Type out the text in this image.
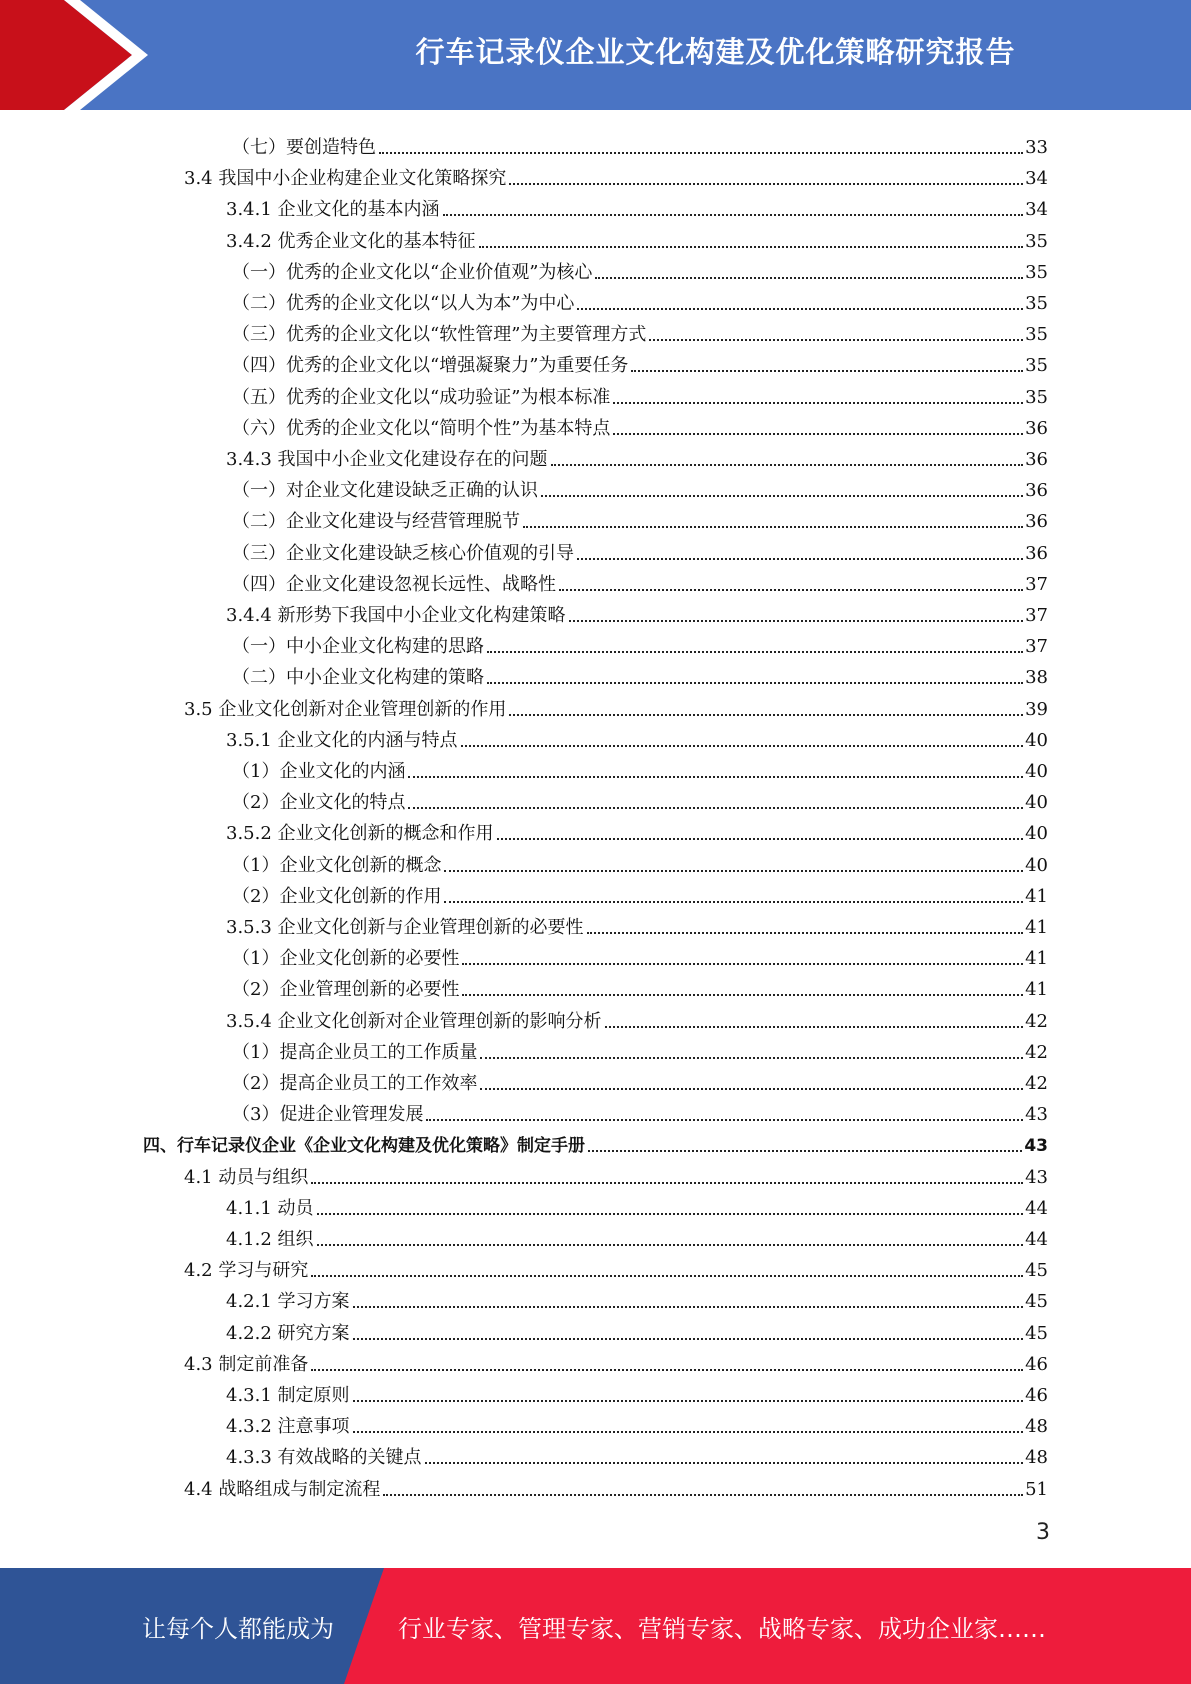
行车记录仪企业文化构建及优化策略研究报告
（七）要创造特色	33
3.4 我国中小企业构建企业文化策略探究	34
3.4.1 企业文化的基本内涵	34
3.4.2 优秀企业文化的基本特征	35
（一）优秀的企业文化以“企业价值观”为核心	35
（二）优秀的企业文化以“以人为本”为中心	35
（三）优秀的企业文化以“软性管理”为主要管理方式	35
（四）优秀的企业文化以“增强凝聚力”为重要任务	35
（五）优秀的企业文化以“成功验证”为根本标准	35
（六）优秀的企业文化以“简明个性”为基本特点	36
3.4.3 我国中小企业文化建设存在的问题	36
（一）对企业文化建设缺乏正确的认识	36
（二）企业文化建设与经营管理脱节	36
（三）企业文化建设缺乏核心价值观的引导	36
（四）企业文化建设忽视长远性、战略性	37
3.4.4 新形势下我国中小企业文化构建策略	37
（一）中小企业文化构建的思路	37
（二）中小企业文化构建的策略	38
3.5 企业文化创新对企业管理创新的作用	39
3.5.1 企业文化的内涵与特点	40
（1）企业文化的内涵	40
（2）企业文化的特点	40
3.5.2 企业文化创新的概念和作用	40
（1）企业文化创新的概念	40
（2）企业文化创新的作用	41
3.5.3 企业文化创新与企业管理创新的必要性	41
（1）企业文化创新的必要性	41
（2）企业管理创新的必要性	41
3.5.4 企业文化创新对企业管理创新的影响分析	42
（1）提高企业员工的工作质量	42
（2）提高企业员工的工作效率	42
（3）促进企业管理发展	43
四、行车记录仪企业《企业文化构建及优化策略》制定手册	43
4.1 动员与组织	43
4.1.1 动员	44
4.1.2 组织	44
4.2 学习与研究	45
4.2.1 学习方案	45
4.2.2 研究方案	45
4.3 制定前准备	46
4.3.1 制定原则	46
4.3.2 注意事项	48
4.3.3 有效战略的关键点	48
4.4 战略组成与制定流程	51
3
让每个人都能成为	行业专家、管理专家、营销专家、战略专家、成功企业家……
